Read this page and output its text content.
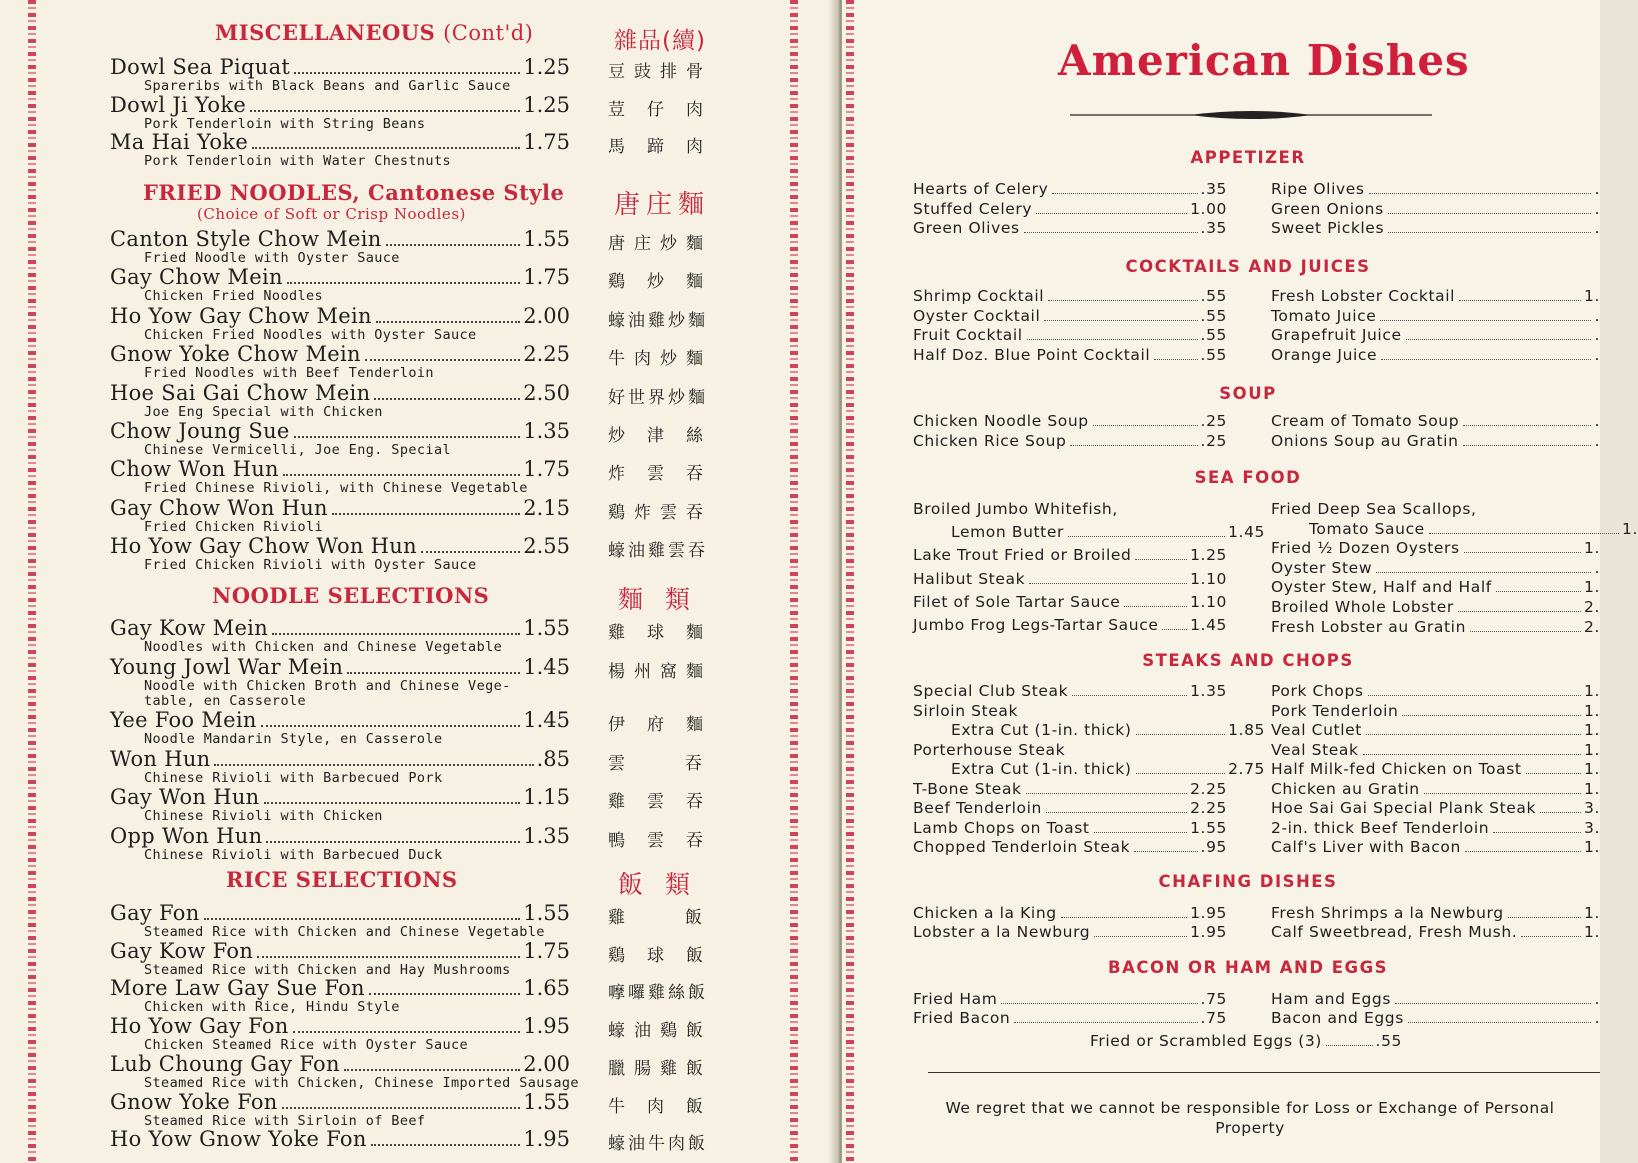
MISCELLANEOUS (Cont'd)	雜品(續)
Dowl Sea Piquat	1.25
Spareribs with Black Beans and Garlic Sauce
豆豉排骨
Dowl Ji Yoke	1.25
Pork Tenderloin with String Beans
荳仔肉
Ma Hai Yoke	1.75
Pork Tenderloin with Water Chestnuts
馬蹄肉
FRIED NOODLES, Cantonese Style
(Choice of Soft or Crisp Noodles)	唐庄麵
Canton Style Chow Mein	1.55
Fried Noodle with Oyster Sauce
唐庄炒麵
Gay Chow Mein	1.75
Chicken Fried Noodles
鷄炒麵
Ho Yow Gay Chow Mein	2.00
Chicken Fried Noodles with Oyster Sauce
蠔油雞炒麵
Gnow Yoke Chow Mein	2.25
Fried Noodles with Beef Tenderloin
牛肉炒麵
Hoe Sai Gai Chow Mein	2.50
Joe Eng Special with Chicken
好世界炒麵
Chow Joung Sue	1.35
Chinese Vermicelli, Joe Eng. Special
炒津絲
Chow Won Hun	1.75
Fried Chinese Rivioli, with Chinese Vegetable
炸雲吞
Gay Chow Won Hun	2.15
Fried Chicken Rivioli
鷄炸雲吞
Ho Yow Gay Chow Won Hun	2.55
Fried Chicken Rivioli with Oyster Sauce
蠔油雞雲吞
NOODLE SELECTIONS	麵類
Gay Kow Mein	1.55
Noodles with Chicken and Chinese Vegetable
雞球麵
Young Jowl War Mein	1.45
Noodle with Chicken Broth and Chinese Vege-
table, en Casserole
楊州窩麵
Yee Foo Mein	1.45
Noodle Mandarin Style, en Casserole
伊府麵
Won Hun	.85
Chinese Rivioli with Barbecued Pork
雲吞
Gay Won Hun	1.15
Chinese Rivioli with Chicken
雞雲吞
Opp Won Hun	1.35
Chinese Rivioli with Barbecued Duck
鴨雲吞
RICE SELECTIONS	飯類
Gay Fon	1.55
Steamed Rice with Chicken and Chinese Vegetable
雞飯
Gay Kow Fon	1.75
Steamed Rice with Chicken and Hay Mushrooms
鷄球飯
More Law Gay Sue Fon	1.65
Chicken with Rice, Hindu Style
嚤囉雞絲飯
Ho Yow Gay Fon	1.95
Chicken Steamed Rice with Oyster Sauce
蠔油鷄飯
Lub Choung Gay Fon	2.00
Steamed Rice with Chicken, Chinese Imported Sausage
臘腸雞飯
Gnow Yoke Fon	1.55
Steamed Rice with Sirloin of Beef
牛肉飯
Ho Yow Gnow Yoke Fon	1.95 蠔油牛肉飯
American Dishes
APPETIZER
Hearts of Celery	.35
Stuffed Celery	1.00
Green Olives	.35
Ripe Olives	.
Green Onions	.
Sweet Pickles	.
COCKTAILS AND JUICES
Shrimp Cocktail	.55
Oyster Cocktail	.55
Fruit Cocktail	.55
Half Doz. Blue Point Cocktail	.55
Fresh Lobster Cocktail	1.
Tomato Juice	.
Grapefruit Juice	.
Orange Juice	.
SOUP
Chicken Noodle Soup	.25
Chicken Rice Soup	.25
Cream of Tomato Soup	.
Onions Soup au Gratin	.
SEA FOOD
Broiled Jumbo Whitefish,
Lemon Butter	1.45
Lake Trout Fried or Broiled	1.25
Halibut Steak	1.10
Filet of Sole Tartar Sauce	1.10
Jumbo Frog Legs-Tartar Sauce 1.45
Fried Deep Sea Scallops,
Tomato Sauce	1.
Fried ½ Dozen Oysters	1.
Oyster Stew	.
Oyster Stew, Half and Half	1.
Broiled Whole Lobster	2.
Fresh Lobster au Gratin	2.
STEAKS AND CHOPS
Special Club Steak	1.35
Sirloin Steak
Extra Cut (1-in. thick)	1.85
Porterhouse Steak
Extra Cut (1-in. thick)	2.75
T-Bone Steak	2.25
Beef Tenderloin	2.25
Lamb Chops on Toast	1.55
Chopped Tenderloin Steak	.95
Pork Chops	1.
Pork Tenderloin	1.
Veal Cutlet	1.
Veal Steak	1.
Half Milk-fed Chicken on Toast	1.
Chicken au Gratin	1.
Hoe Sai Gai Special Plank Steak	3.
2-in. thick Beef Tenderloin	3.
Calf's Liver with Bacon	1.
CHAFING DISHES
Chicken a la King	1.95
Lobster a la Newburg	1.95
Fresh Shrimps a la Newburg	1.
Calf Sweetbread, Fresh Mush.	1.
BACON OR HAM AND EGGS
Fried Ham	.75
Fried Bacon	.75
Ham and Eggs	.
Bacon and Eggs	.
Fried or Scrambled Eggs (3)	.55
We regret that we cannot be responsible for Loss or Exchange of Personal Property
